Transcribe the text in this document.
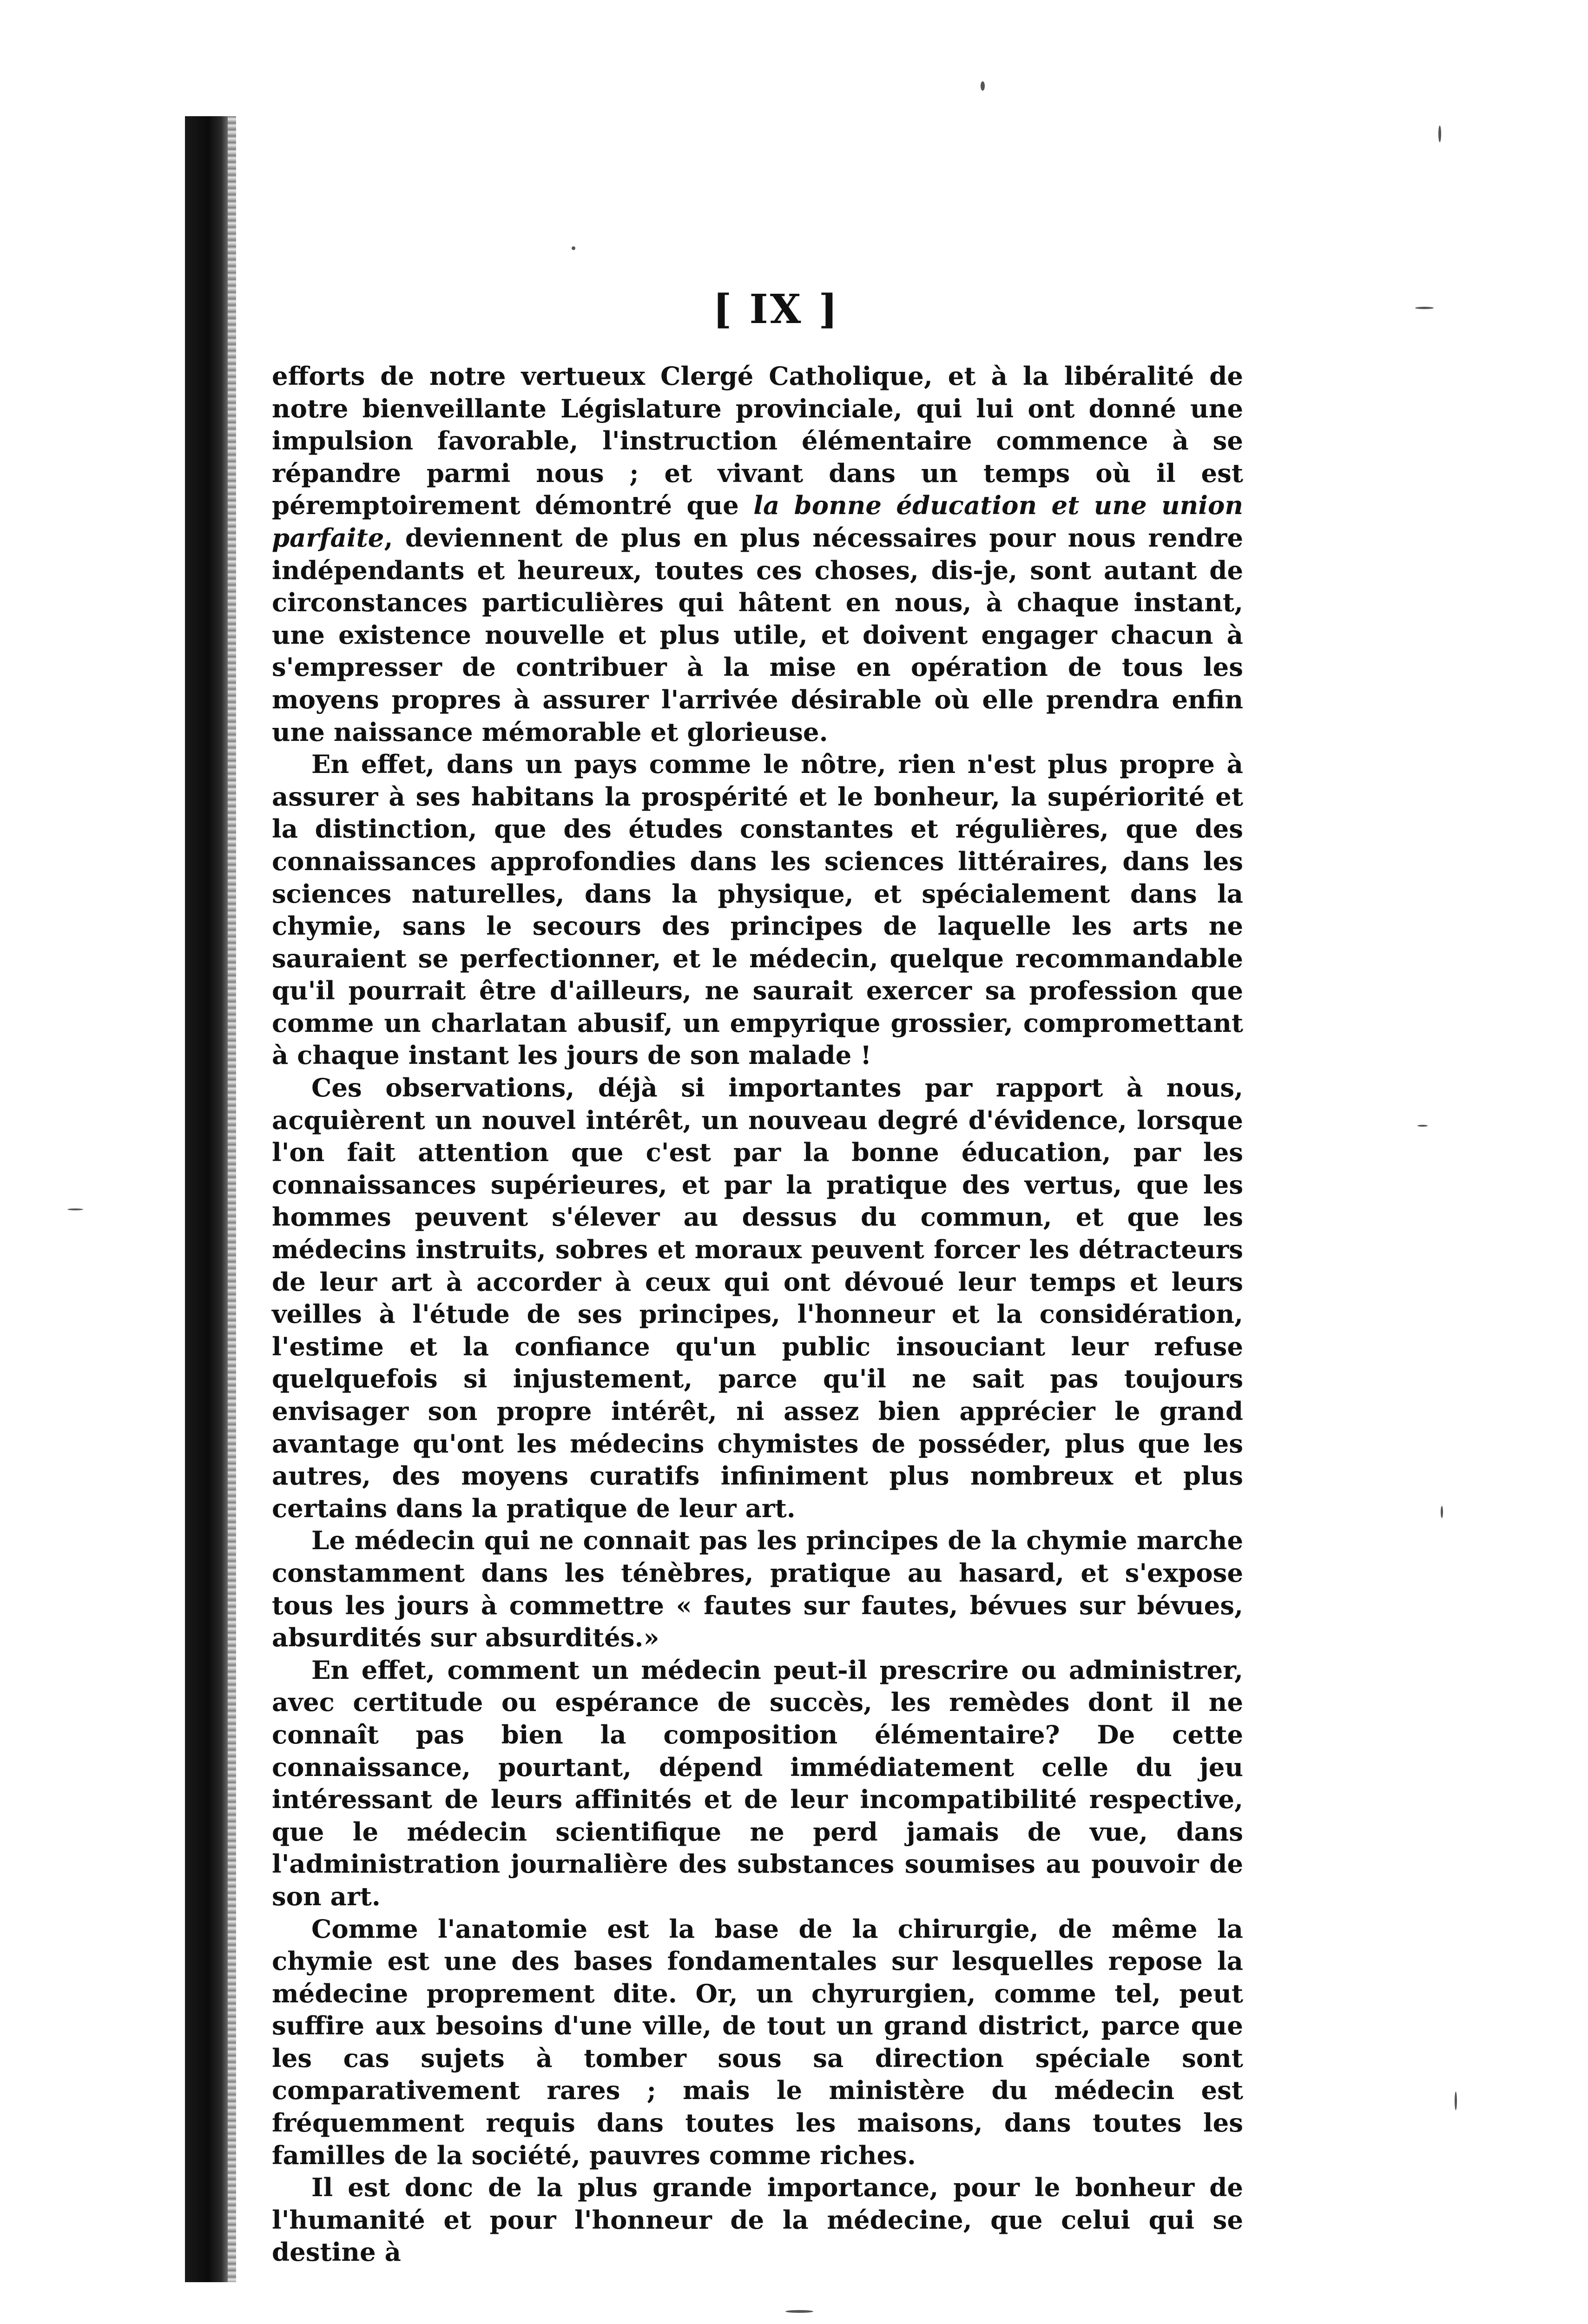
[ IX ]

efforts de notre vertueux Clergé Catholique, et à la libéralité de notre bienveillante Législature provinciale, qui lui ont donné une impulsion favorable, l'instruction élémentaire commence à se répandre parmi nous ; et vivant dans un temps où il est péremptoirement démontré que la bonne éducation et une union parfaite, deviennent de plus en plus nécessaires pour nous rendre indépendants et heureux, toutes ces choses, dis-je, sont autant de circonstances particulières qui hâtent en nous, à chaque instant, une existence nouvelle et plus utile, et doivent engager chacun à s'empresser de contribuer à la mise en opération de tous les moyens propres à assurer l'arrivée désirable où elle prendra enfin une naissance mémorable et glorieuse.

En effet, dans un pays comme le nôtre, rien n'est plus propre à assurer à ses habitans la prospérité et le bonheur, la supériorité et la distinction, que des études constantes et régulières, que des connaissances approfondies dans les sciences littéraires, dans les sciences naturelles, dans la physique, et spécialement dans la chymie, sans le secours des principes de laquelle les arts ne sauraient se perfectionner, et le médecin, quelque recommandable qu'il pourrait être d'ailleurs, ne saurait exercer sa profession que comme un charlatan abusif, un empyrique grossier, compromettant à chaque instant les jours de son malade !

Ces observations, déjà si importantes par rapport à nous, acquièrent un nouvel intérêt, un nouveau degré d'évidence, lorsque l'on fait attention que c'est par la bonne éducation, par les connaissances supérieures, et par la pratique des vertus, que les hommes peuvent s'élever au dessus du commun, et que les médecins instruits, sobres et moraux peuvent forcer les détracteurs de leur art à accorder à ceux qui ont dévoué leur temps et leurs veilles à l'étude de ses principes, l'honneur et la considération, l'estime et la confiance qu'un public insouciant leur refuse quelquefois si injustement, parce qu'il ne sait pas toujours envisager son propre intérêt, ni assez bien apprécier le grand avantage qu'ont les médecins chymistes de posséder, plus que les autres, des moyens curatifs infiniment plus nombreux et plus certains dans la pratique de leur art.

Le médecin qui ne connait pas les principes de la chymie marche constamment dans les ténèbres, pratique au hasard, et s'expose tous les jours à commettre « fautes sur fautes, bévues sur bévues, absurdités sur absurdités.»

En effet, comment un médecin peut-il prescrire ou administrer, avec certitude ou espérance de succès, les remèdes dont il ne connaît pas bien la composition élémentaire? De cette connaissance, pourtant, dépend immédiatement celle du jeu intéressant de leurs affinités et de leur incompatibilité respective, que le médecin scientifique ne perd jamais de vue, dans l'administration journalière des substances soumises au pouvoir de son art.

Comme l'anatomie est la base de la chirurgie, de même la chymie est une des bases fondamentales sur lesquelles repose la médecine proprement dite. Or, un chyrurgien, comme tel, peut suffire aux besoins d'une ville, de tout un grand district, parce que les cas sujets à tomber sous sa direction spéciale sont comparativement rares ; mais le ministère du médecin est fréquemment requis dans toutes les maisons, dans toutes les familles de la société, pauvres comme riches.

Il est donc de la plus grande importance, pour le bonheur de l'humanité et pour l'honneur de la médecine, que celui qui se destine à
